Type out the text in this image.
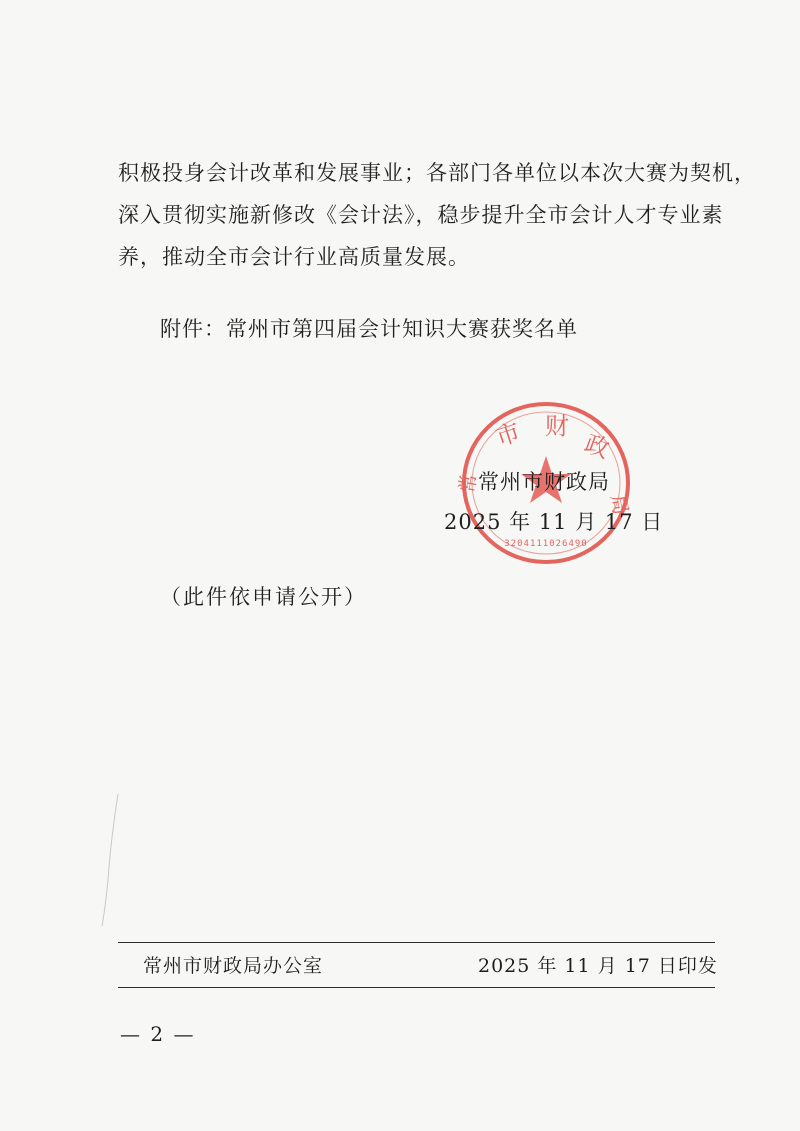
积极投身会计改革和发展事业；各部门各单位以本次大赛为契机，
深入贯彻实施新修改《会计法》，稳步提升全市会计人才专业素
养，推动全市会计行业高质量发展。

附件：常州市第四届会计知识大赛获奖名单
市 财
政
常
局
3204111026490
常州市财政局
2025 年 11 月 17 日
（此件依申请公开）
常州市财政局办公室	2025 年 11 月 17 日印发
— 2 —
